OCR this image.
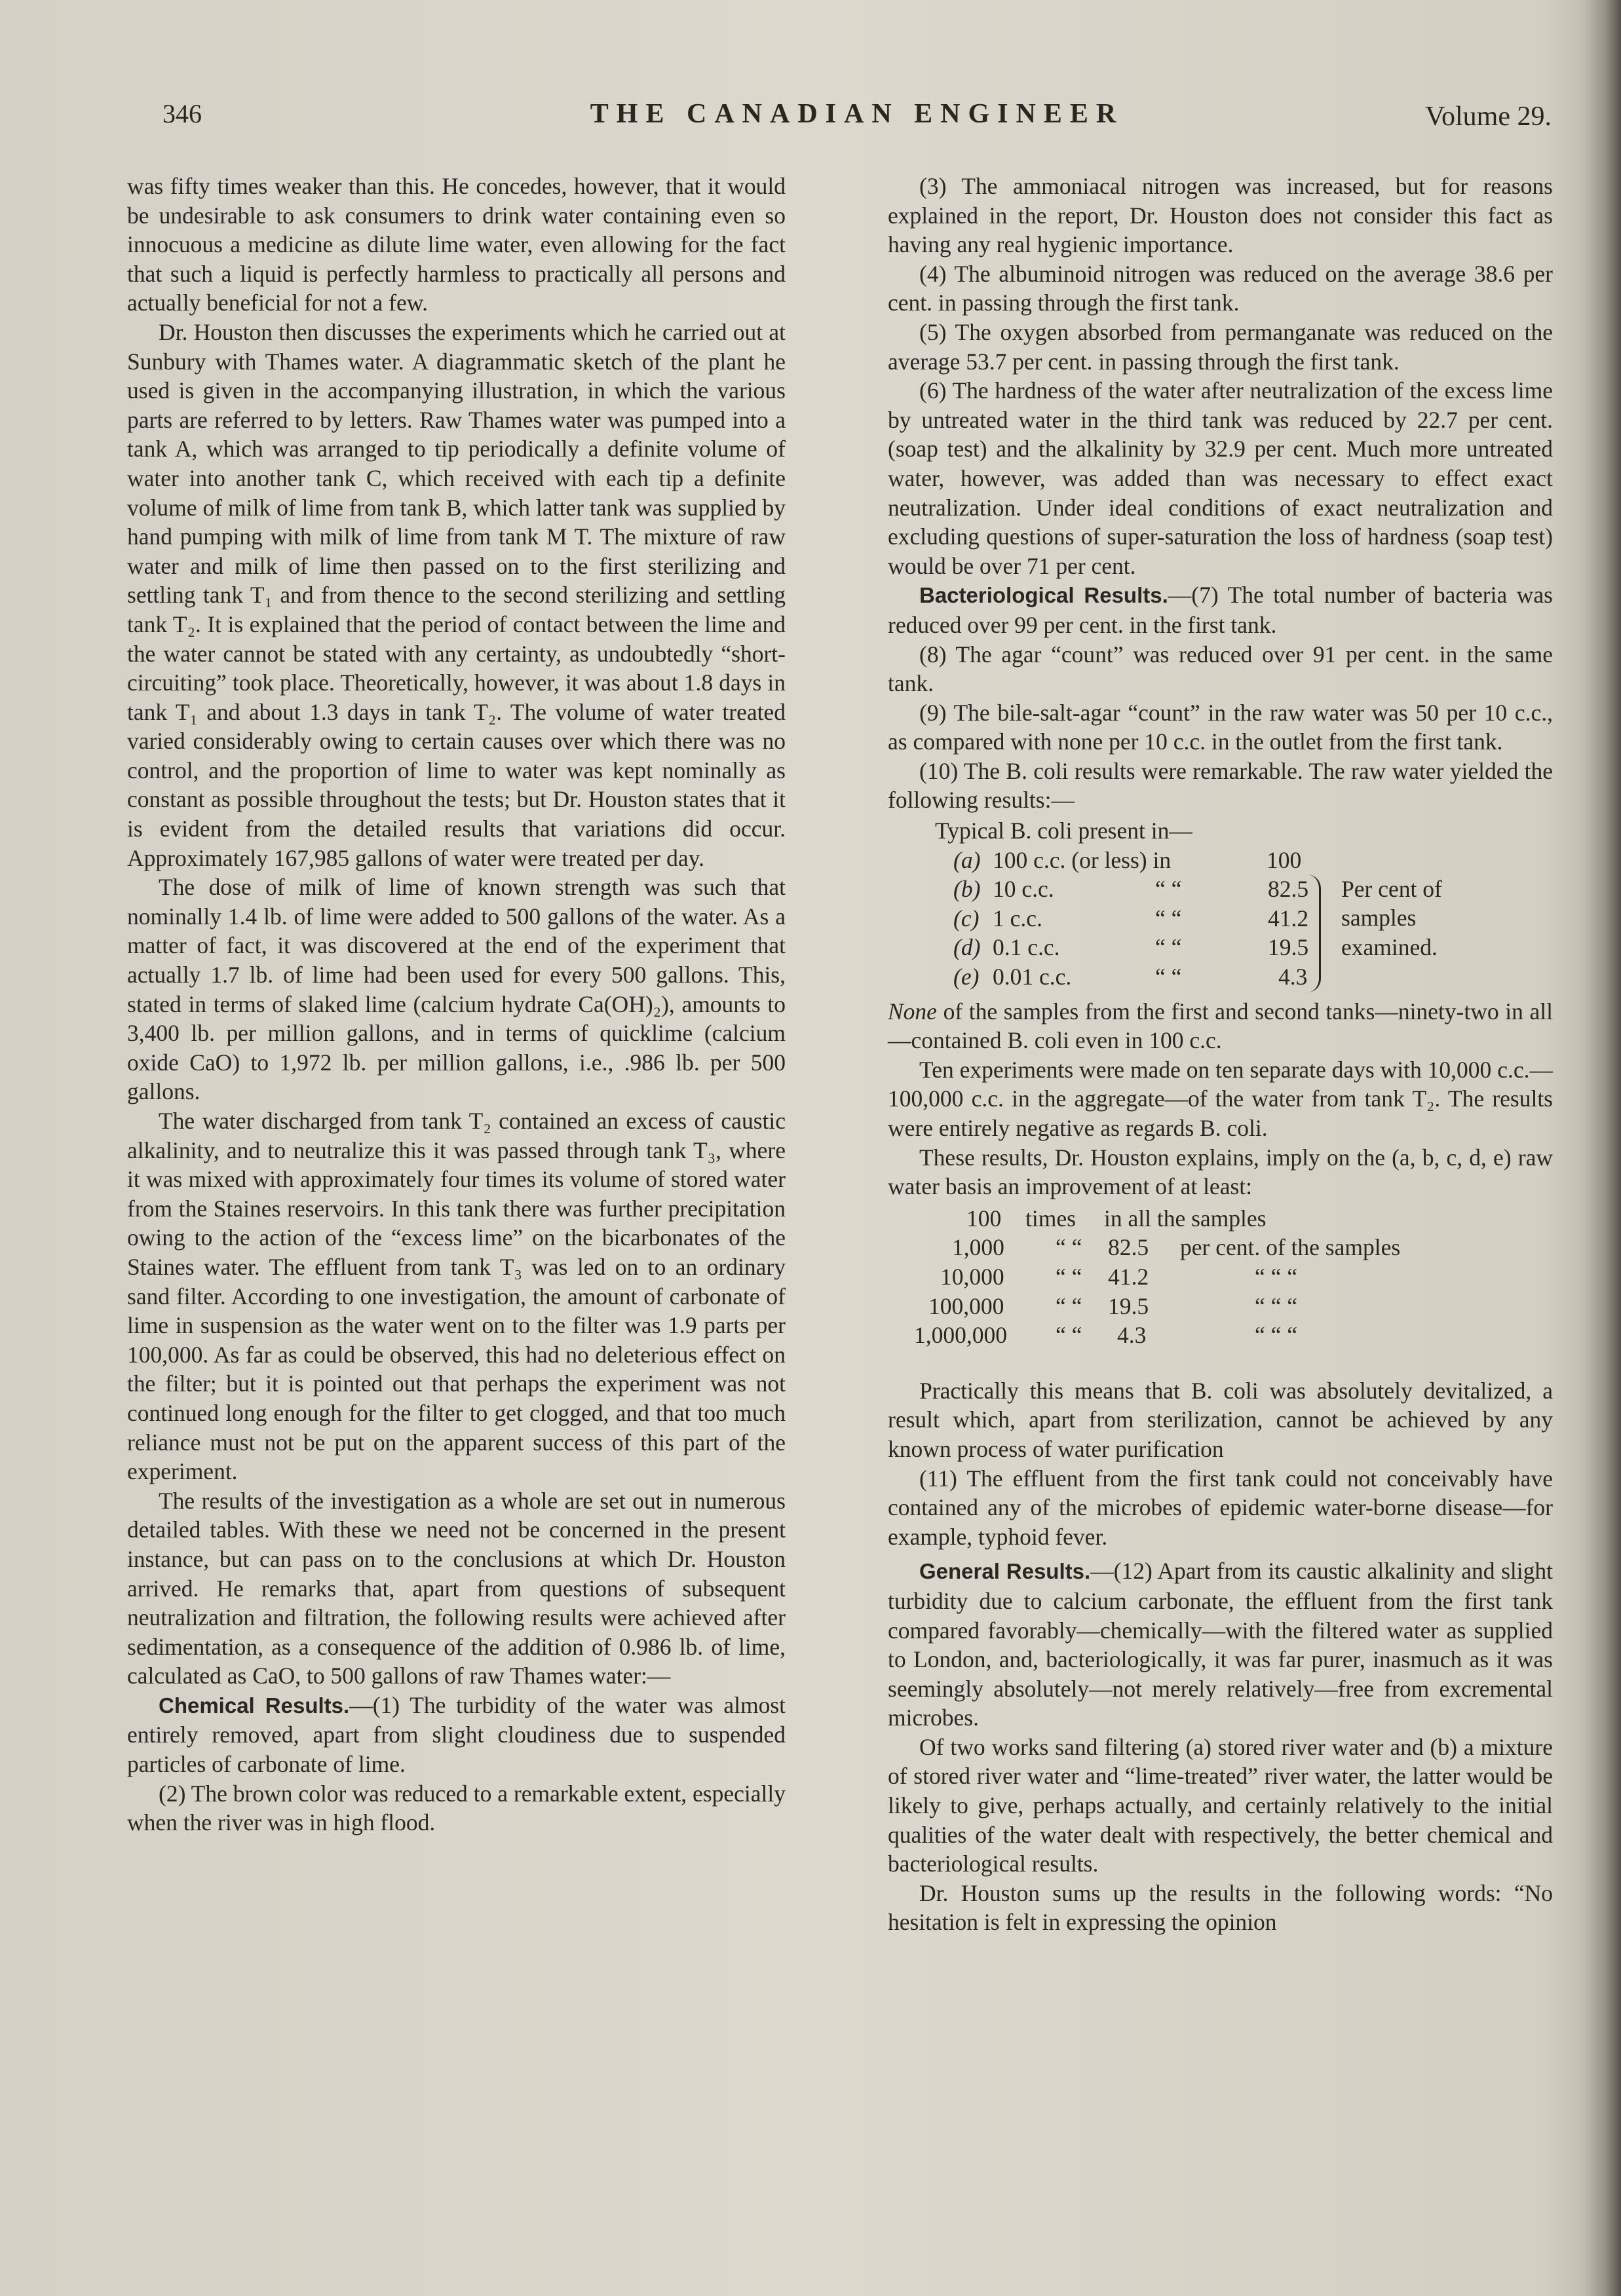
346	THE CANADIAN ENGINEER	Volume 29.

was fifty times weaker than this. He concedes, however, that it would be undesirable to ask consumers to drink water containing even so innocuous a medicine as dilute lime water, even allowing for the fact that such a liquid is perfectly harmless to practically all persons and actually beneficial for not a few.

Dr. Houston then discusses the experiments which he carried out at Sunbury with Thames water. A diagrammatic sketch of the plant he used is given in the accompanying illustration, in which the various parts are referred to by letters. Raw Thames water was pumped into a tank A, which was arranged to tip periodically a definite volume of water into another tank C, which received with each tip a definite volume of milk of lime from tank B, which latter tank was supplied by hand pumping with milk of lime from tank M T. The mixture of raw water and milk of lime then passed on to the first sterilizing and settling tank T₁ and from thence to the second sterilizing and settling tank T₂. It is explained that the period of contact between the lime and the water cannot be stated with any certainty, as undoubtedly “short-circuiting” took place. Theoretically, however, it was about 1.8 days in tank T₁ and about 1.3 days in tank T₂. The volume of water treated varied considerably owing to certain causes over which there was no control, and the proportion of lime to water was kept nominally as constant as possible throughout the tests; but Dr. Houston states that it is evident from the detailed results that variations did occur. Approximately 167,985 gallons of water were treated per day.

The dose of milk of lime of known strength was such that nominally 1.4 lb. of lime were added to 500 gallons of the water. As a matter of fact, it was discovered at the end of the experiment that actually 1.7 lb. of lime had been used for every 500 gallons. This, stated in terms of slaked lime (calcium hydrate Ca(OH)₂), amounts to 3,400 lb. per million gallons, and in terms of quicklime (calcium oxide CaO) to 1,972 lb. per million gallons, i.e., .986 lb. per 500 gallons.

The water discharged from tank T₂ contained an excess of caustic alkalinity, and to neutralize this it was passed through tank T₃, where it was mixed with approximately four times its volume of stored water from the Staines reservoirs. In this tank there was further precipitation owing to the action of the “excess lime” on the bicarbonates of the Staines water. The effluent from tank T₃ was led on to an ordinary sand filter. According to one investigation, the amount of carbonate of lime in suspension as the water went on to the filter was 1.9 parts per 100,000. As far as could be observed, this had no deleterious effect on the filter; but it is pointed out that perhaps the experiment was not continued long enough for the filter to get clogged, and that too much reliance must not be put on the apparent success of this part of the experiment.

The results of the investigation as a whole are set out in numerous detailed tables. With these we need not be concerned in the present instance, but can pass on to the conclusions at which Dr. Houston arrived. He remarks that, apart from questions of subsequent neutralization and filtration, the following results were achieved after sedimentation, as a consequence of the addition of 0.986 lb. of lime, calculated as CaO, to 500 gallons of raw Thames water:—

Chemical Results.—(1) The turbidity of the water was almost entirely removed, apart from slight cloudiness due to suspended particles of carbonate of lime.

(2) The brown color was reduced to a remarkable extent, especially when the river was in high flood.

(3) The ammoniacal nitrogen was increased, but for reasons explained in the report, Dr. Houston does not consider this fact as having any real hygienic importance.

(4) The albuminoid nitrogen was reduced on the average 38.6 per cent. in passing through the first tank.

(5) The oxygen absorbed from permanganate was reduced on the average 53.7 per cent. in passing through the first tank.

(6) The hardness of the water after neutralization of the excess lime by untreated water in the third tank was reduced by 22.7 per cent. (soap test) and the alkalinity by 32.9 per cent. Much more untreated water, however, was added than was necessary to effect exact neutralization. Under ideal conditions of exact neutralization and excluding questions of super-saturation the loss of hardness (soap test) would be over 71 per cent.

Bacteriological Results.—(7) The total number of bacteria was reduced over 99 per cent. in the first tank.

(8) The agar “count” was reduced over 91 per cent. in the same tank.

(9) The bile-salt-agar “count” in the raw water was 50 per 10 c.c., as compared with none per 10 c.c. in the outlet from the first tank.

(10) The B. coli results were remarkable. The raw water yielded the following results:—

Typical B. coli present in—
(a) 100 c.c. (or less) in	100
(b) 10 c.c.	“ “	82.5
(c) 1 c.c.	“ “	41.2
(d) 0.1 c.c.	“ “	19.5
(e) 0.01 c.c.	“ “	4.3
Per cent of
samples
examined.

None of the samples from the first and second tanks—ninety-two in all—contained B. coli even in 100 c.c.

Ten experiments were made on ten separate days with 10,000 c.c.—100,000 c.c. in the aggregate—of the water from tank T₂. The results were entirely negative as regards B. coli.

These results, Dr. Houston explains, imply on the (a, b, c, d, e) raw water basis an improvement of at least:

100 times in all the samples
1,000 “ “ 82.5 per cent. of the samples
10,000 “ “ 41.2	“ “ “
100,000 “ “ 19.5	“ “ “
1,000,000 “ “ 4.3	“ “ “

Practically this means that B. coli was absolutely devitalized, a result which, apart from sterilization, cannot be achieved by any known process of water purification

(11) The effluent from the first tank could not conceivably have contained any of the microbes of epidemic water-borne disease—for example, typhoid fever.

General Results.—(12) Apart from its caustic alkalinity and slight turbidity due to calcium carbonate, the effluent from the first tank compared favorably—chemically—with the filtered water as supplied to London, and, bacteriologically, it was far purer, inasmuch as it was seemingly absolutely—not merely relatively—free from excremental microbes.

Of two works sand filtering (a) stored river water and (b) a mixture of stored river water and “lime-treated” river water, the latter would be likely to give, perhaps actually, and certainly relatively to the initial qualities of the water dealt with respectively, the better chemical and bacteriological results.

Dr. Houston sums up the results in the following words: “No hesitation is felt in expressing the opinion
